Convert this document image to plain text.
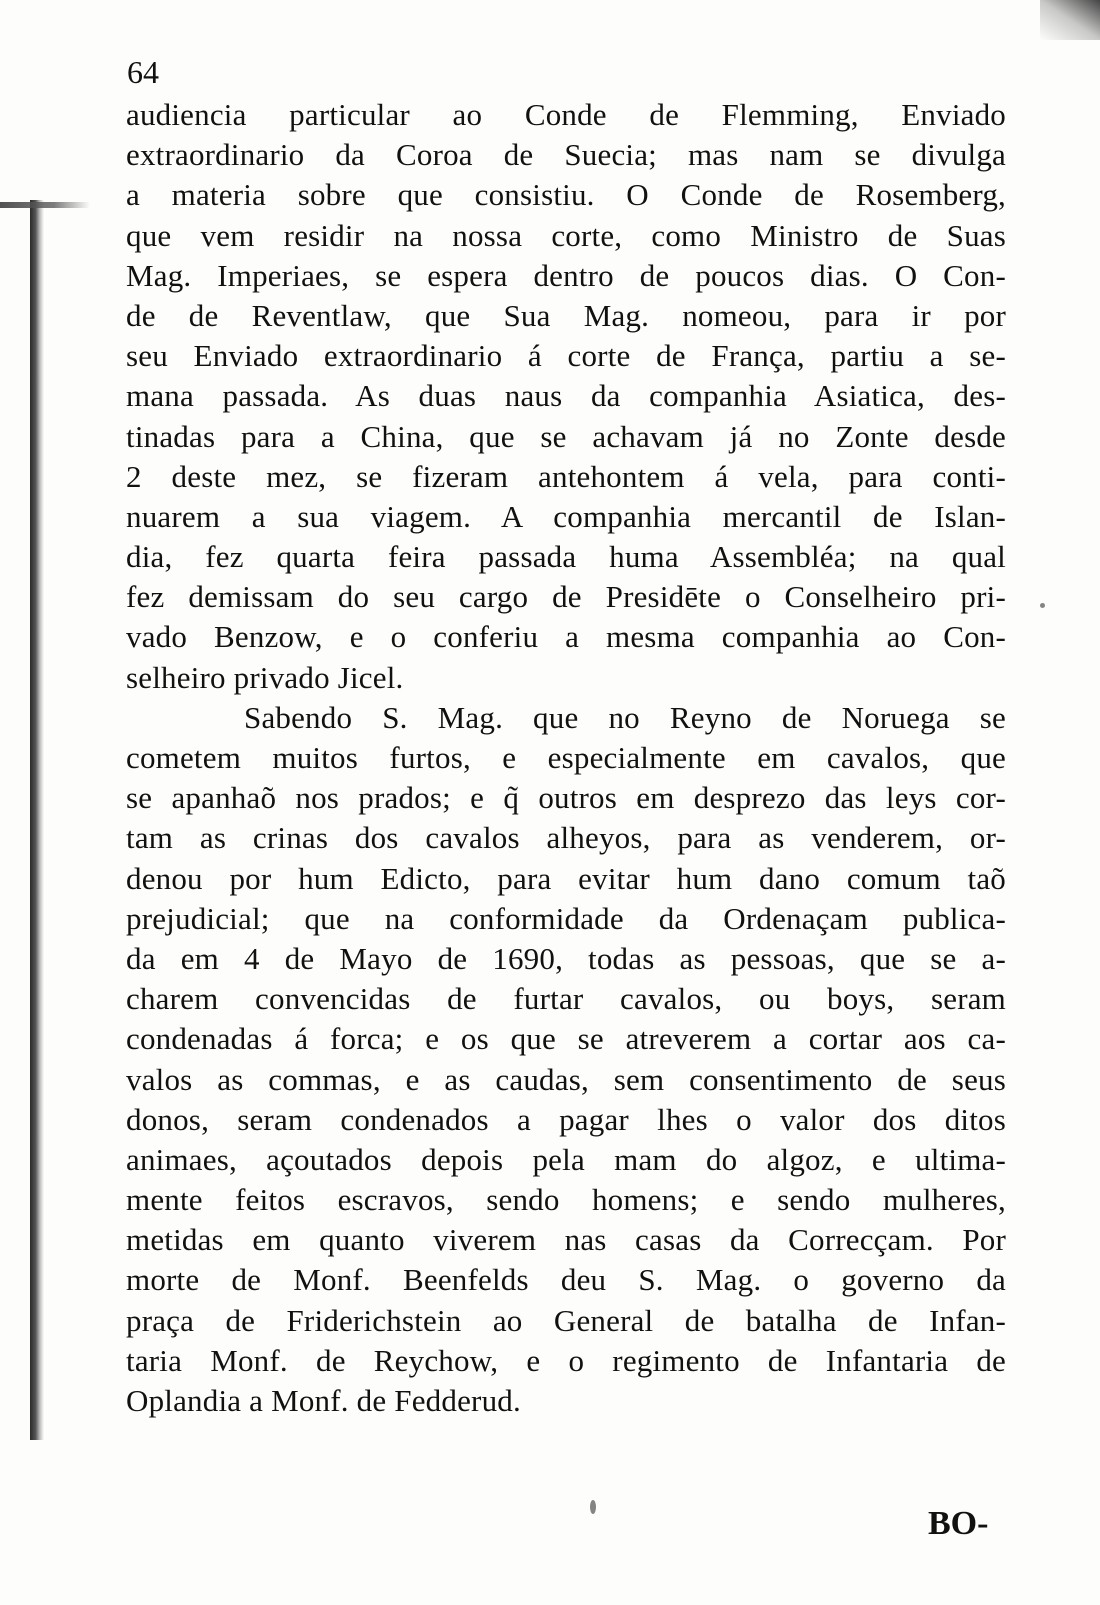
64
audiencia particular ao Conde de Flemming, Enviado
extraordinario da Coroa de Suecia; mas nam se divulga
a materia sobre que consistiu. O Conde de Rosemberg,
que vem residir na nossa corte, como Ministro de Suas
Mag. Imperiaes, se espera dentro de poucos dias. O Con-
de de Reventlaw, que Sua Mag. nomeou, para ir por
seu Enviado extraordinario á corte de França, partiu a se-
mana passada. As duas naus da companhia Asiatica, des-
tinadas para a China, que se achavam já no Zonte desde
2 deste mez, se fizeram antehontem á vela, para conti-
nuarem a sua viagem. A companhia mercantil de Islan-
dia, fez quarta feira passada huma Assembléa; na qual
fez demissam do seu cargo de Presidēte o Conselheiro pri-
vado Benzow, e o conferiu a mesma companhia ao Con-
selheiro privado Jicel.
Sabendo S. Mag. que no Reyno de Noruega se
cometem muitos furtos, e especialmente em cavalos, que
se apanhaõ nos prados; e q̃ outros em desprezo das leys cor-
tam as crinas dos cavalos alheyos, para as venderem, or-
denou por hum Edicto, para evitar hum dano comum taõ
prejudicial; que na conformidade da Ordenaçam publica-
da em 4 de Mayo de 1690, todas as pessoas, que se a-
charem convencidas de furtar cavalos, ou boys, seram
condenadas á forca; e os que se atreverem a cortar aos ca-
valos as commas, e as caudas, sem consentimento de seus
donos, seram condenados a pagar lhes o valor dos ditos
animaes, açoutados depois pela mam do algoz, e ultima-
mente feitos escravos, sendo homens; e sendo mulheres,
metidas em quanto viverem nas casas da Correcçam. Por
morte de Monf. Beenfelds deu S. Mag. o governo da
praça de Friderichstein ao General de batalha de Infan-
taria Monf. de Reychow, e o regimento de Infantaria de
Oplandia a Monf. de Fedderud.
BO-
